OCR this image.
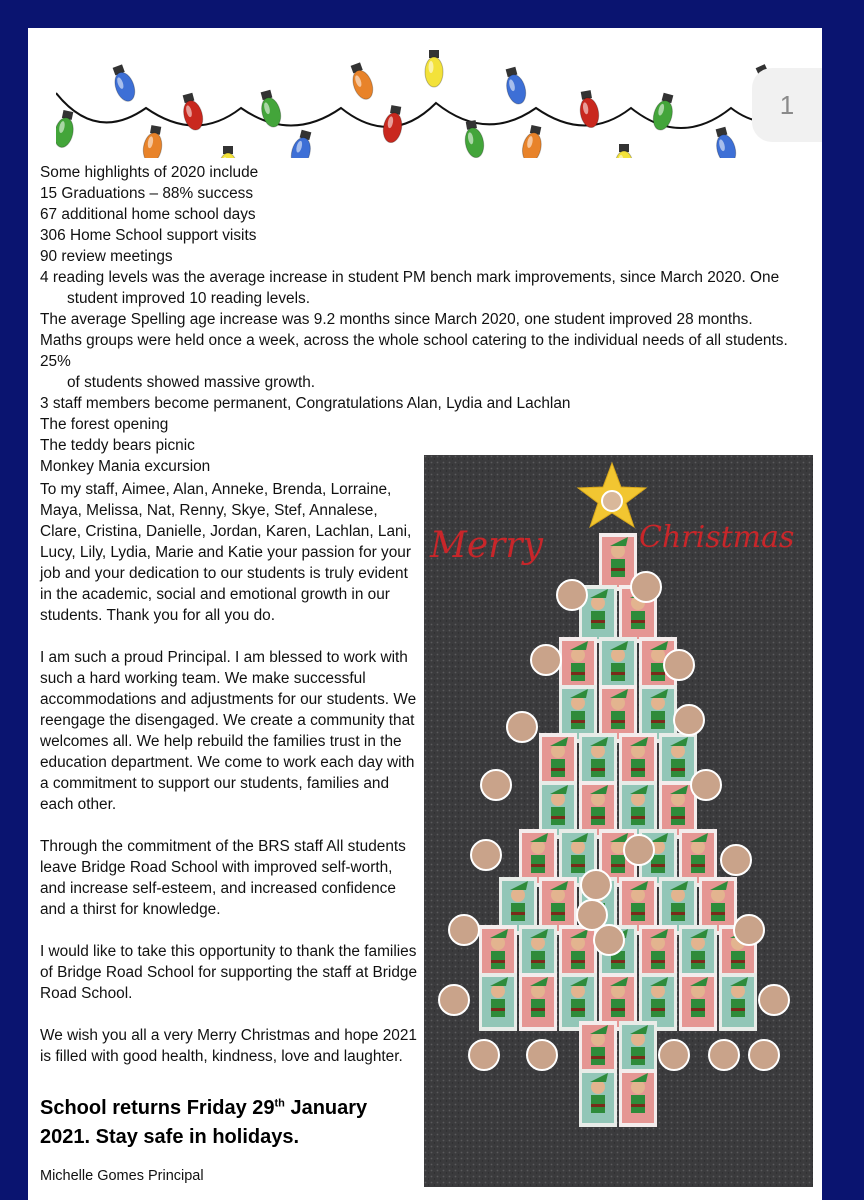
1
Some highlights of 2020 include
15 Graduations – 88% success
67 additional home school days
306 Home School support visits
90 review meetings
4 reading levels was the average increase in student PM bench mark improvements, since March 2020. One
student improved 10 reading levels.
The average Spelling age increase was 9.2 months since March 2020, one student improved 28 months.
Maths groups were held once a week, across the whole school catering to the individual needs of all students. 25%
of students showed massive growth.
3 staff members become permanent, Congratulations Alan, Lydia and Lachlan
The forest opening
The teddy bears picnic
Monkey Mania excursion

To my staff, Aimee, Alan, Anneke, Brenda, Lorraine, Maya, Melissa, Nat, Renny, Skye, Stef, Annalese, Clare, Cristina, Danielle, Jordan, Karen, Lachlan, Lani, Lucy, Lily, Lydia, Marie and Katie your passion for your job and your dedication to our students is truly evident in the academic, social and emotional growth in our students. Thank you for all you do.

I am such a proud Principal. I am blessed to work with such a hard working team. We make successful accommodations and adjustments for our students. We reengage the disengaged. We create a community that welcomes all. We help rebuild the families trust in the education department. We come to work each day with a commitment to support our students, families and each other.

Through the commitment of the BRS staff All students leave Bridge Road School with improved self-worth, and increase self-esteem, and increased confidence and a thirst for knowledge.

I would like to take this opportunity to thank the families of Bridge Road School for supporting the staff at Bridge Road School.

We wish you all a very Merry Christmas and hope 2021 is filled with good health, kindness, love and laughter.

School returns Friday 29th January 2021. Stay safe in holidays.
Michelle Gomes Principal
Merry	Christmas
